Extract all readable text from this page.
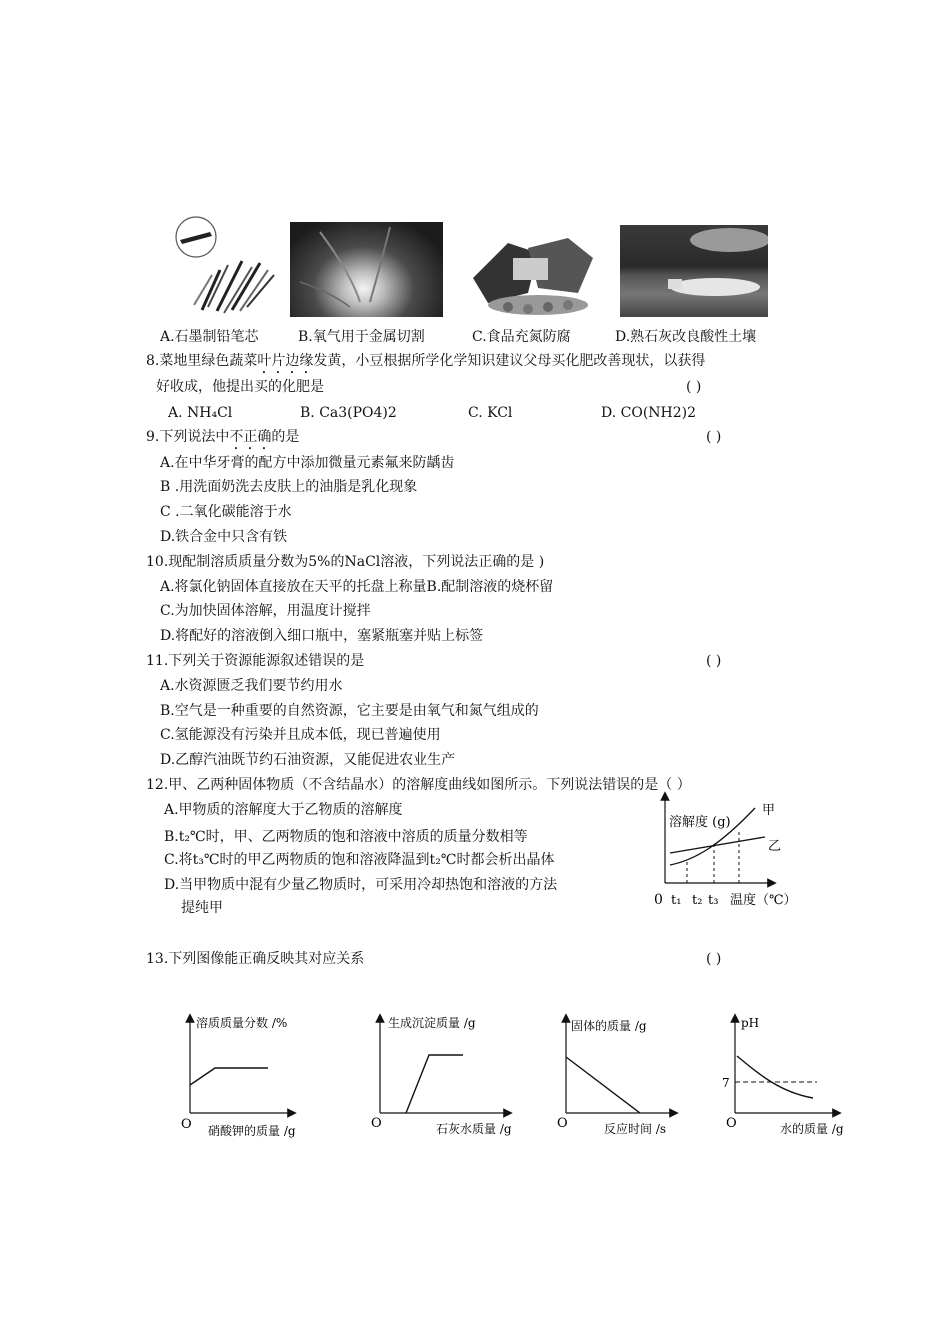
A.石墨制铅笔芯	B.氧气用于金属切割	C.食品充氮防腐	D.熟石灰改良酸性土壤
8.菜地里绿色蔬菜叶片边缘发黄，小豆根据所学化学知识建议父母买化肥改善现状，以获得
好收成，他提出买的化肥是	( )
A. NH₄Cl	B. Ca3(PO4)2	C. KCl	D. CO(NH2)2
9.下列说法中不正确的是	( )
A.在中华牙膏的配方中添加微量元素氟来防龋齿
B .用洗面奶洗去皮肤上的油脂是乳化现象
C .二氧化碳能溶于水
D.铁合金中只含有铁
10.现配制溶质质量分数为5%的NaCl溶液，下列说法正确的是 )
A.将氯化钠固体直接放在天平的托盘上称量B.配制溶液的烧杯留
C.为加快固体溶解，用温度计搅拌
D.将配好的溶液倒入细口瓶中，塞紧瓶塞并贴上标签
11.下列关于资源能源叙述错误的是	( )
A.水资源匮乏我们要节约用水
B.空气是一种重要的自然资源，它主要是由氧气和氮气组成的
C.氢能源没有污染并且成本低，现已普遍使用
D.乙醇汽油既节约石油资源，又能促进农业生产
12.甲、乙两种固体物质（不含结晶水）的溶解度曲线如图所示。下列说法错误的是（ ）
A.甲物质的溶解度大于乙物质的溶解度
B.t₂℃时，甲、乙两物质的饱和溶液中溶质的质量分数相等
C.将t₃℃时的甲乙两物质的饱和溶液降温到t₂℃时都会析出晶体
D.当甲物质中混有少量乙物质时，可采用冷却热饱和溶液的方法
提纯甲
溶解度 (g)
甲
乙
0 t₁ t₂ t₃ 温度（℃）
13.下列图像能正确反映其对应关系	( )
溶质质量分数 /%
O 硝酸钾的质量 /g
生成沉淀质量 /g
O	石灰水质量 /g
固体的质量 /g
O	反应时间 /s
pH
7
O	水的质量 /g
